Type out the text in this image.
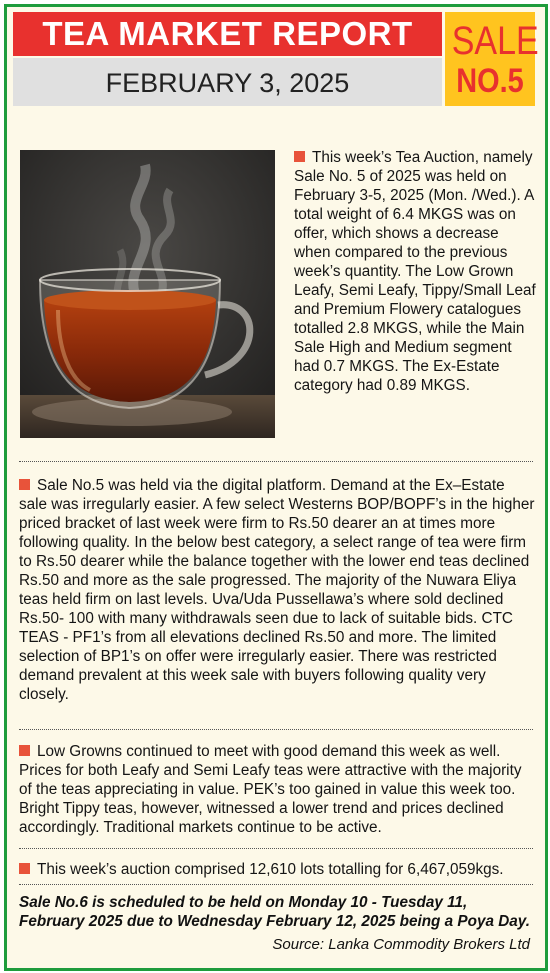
TEA MARKET REPORT
FEBRUARY 3, 2025
SALE
NO.5
This week’s Tea Auction, namely Sale No. 5 of 2025 was held on February 3-5, 2025 (Mon. /Wed.). A total weight of 6.4 MKGS was on offer, which shows a decrease when compared to the previous week’s quantity. The Low Grown Leafy, Semi Leafy, Tippy/Small Leaf and Premium Flowery catalogues totalled 2.8 MKGS, while the Main Sale High and Medium segment had 0.7 MKGS. The Ex-Estate category had 0.89 MKGS.
Sale No.5 was held via the digital platform. Demand at the Ex–Estate sale was irregularly easier. A few select Westerns BOP/BOPF’s in the higher priced bracket of last week were firm to Rs.50 dearer an at times more following quality. In the below best category, a select range of tea were firm to Rs.50 dearer while the balance together with the lower end teas declined Rs.50 and more as the sale progressed. The majority of the Nuwara Eliya teas held firm on last levels. Uva/Uda Pussellawa’s where sold declined Rs.50- 100 with many withdrawals seen due to lack of suitable bids. CTC TEAS - PF1’s from all elevations declined Rs.50 and more. The limited selection of BP1’s on offer were irregularly easier. There was restricted demand prevalent at this week sale with buyers following quality very closely.
Low Growns continued to meet with good demand this week as well. Prices for both Leafy and Semi Leafy teas were attractive with the majority of the teas appreciating in value. PEK’s too gained in value this week too. Bright Tippy teas, however, witnessed a lower trend and prices declined accordingly. Traditional markets continue to be active.
This week’s auction comprised 12,610 lots totalling for 6,467,059kgs.
Sale No.6 is scheduled to be held on Monday 10 - Tuesday 11, February 2025 due to Wednesday February 12, 2025 being a Poya Day.
Source: Lanka Commodity Brokers Ltd
